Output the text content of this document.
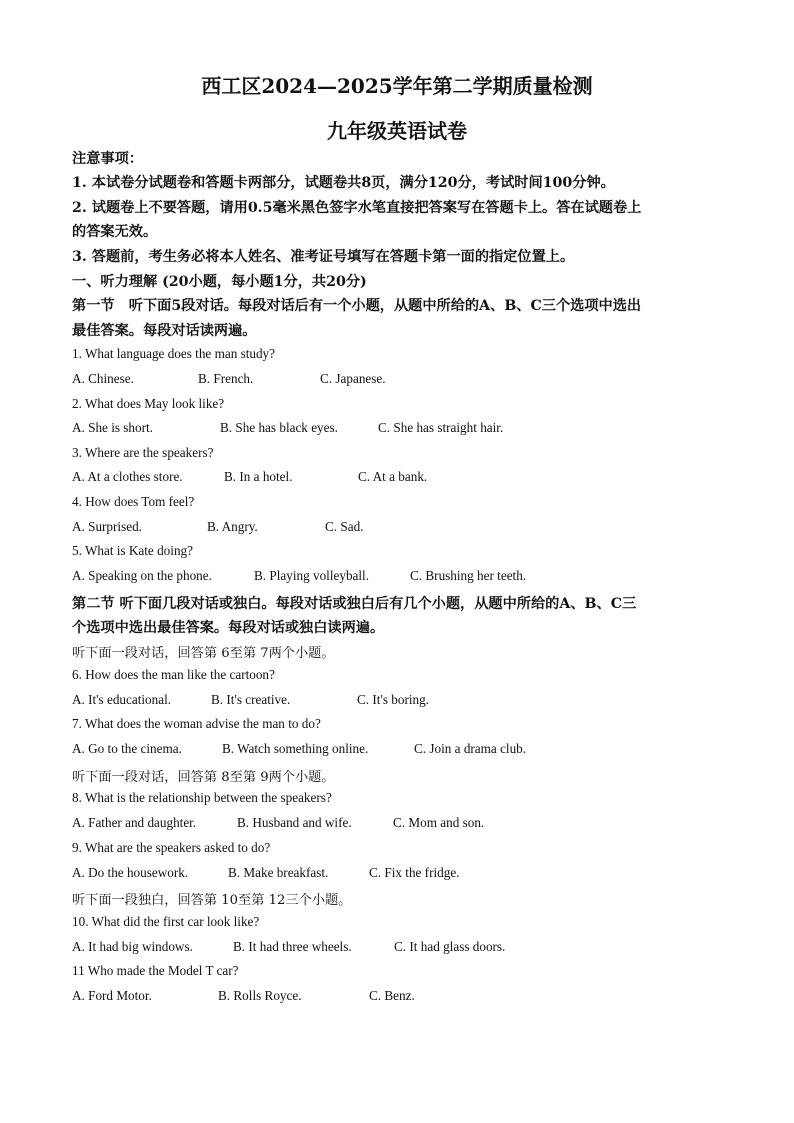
西工区2024—2025学年第二学期质量检测
九年级英语试卷
注意事项：
1. 本试卷分试题卷和答题卡两部分，试题卷共8页，满分120分，考试时间100分钟。
2. 试题卷上不要答题，请用0.5毫米黑色签字水笔直接把答案写在答题卡上。答在试题卷上
的答案无效。
3. 答题前，考生务必将本人姓名、准考证号填写在答题卡第一面的指定位置上。
一、听力理解 (20小题，每小题1分，共20分)
第一节　听下面5段对话。每段对话后有一个小题，从题中所给的A、B、C三个选项中选出
最佳答案。每段对话读两遍。
1. What language does the man study?
A. Chinese.	B. French.	C. Japanese.
2. What does May look like?
A. She is short.	B. She has black eyes.	C. She has straight hair.
3. Where are the speakers?
A. At a clothes store.	B. In a hotel.	C. At a bank.
4. How does Tom feel?
A. Surprised.	B. Angry.	C. Sad.
5. What is Kate doing?
A. Speaking on the phone.	B. Playing volleyball.	C. Brushing her teeth.
第二节 听下面几段对话或独白。每段对话或独白后有几个小题，从题中所给的A、B、C三
个选项中选出最佳答案。每段对话或独白读两遍。
听下面一段对话，回答第 6至第 7两个小题。
6. How does the man like the cartoon?
A. It's educational.	B. It's creative.	C. It's boring.
7. What does the woman advise the man to do?
A. Go to the cinema.	B. Watch something online.	C. Join a drama club.
听下面一段对话，回答第 8至第 9两个小题。
8. What is the relationship between the speakers?
A. Father and daughter.	B. Husband and wife.	C. Mom and son.
9. What are the speakers asked to do?
A. Do the housework.	B. Make breakfast.	C. Fix the fridge.
听下面一段独白，回答第 10至第 12三个小题。
10. What did the first car look like?
A. It had big windows.	B. It had three wheels.	C. It had glass doors.
11 Who made the Model T car?
A. Ford Motor.	B. Rolls Royce.	C. Benz.
